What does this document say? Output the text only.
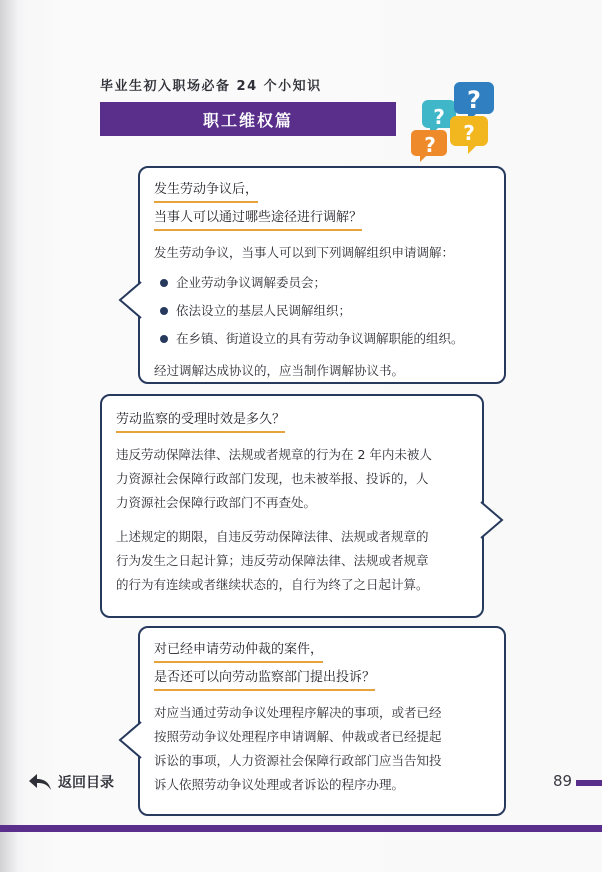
毕业生初入职场必备 24 个小知识
职工维权篇	?
?
? ?
发生劳动争议后，
当事人可以通过哪些途径进行调解？

发生劳动争议，当事人可以到下列调解组织申请调解：

企业劳动争议调解委员会；
依法设立的基层人民调解组织；
在乡镇、街道设立的具有劳动争议调解职能的组织。

经过调解达成协议的，应当制作调解协议书。

劳动监察的受理时效是多久？

违反劳动保障法律、法规或者规章的行为在 2 年内未被人

力资源社会保障行政部门发现，也未被举报、投诉的，人

力资源社会保障行政部门不再查处。

上述规定的期限，自违反劳动保障法律、法规或者规章的

行为发生之日起计算；违反劳动保障法律、法规或者规章

的行为有连续或者继续状态的，自行为终了之日起计算。

对已经申请劳动仲裁的案件，
是否还可以向劳动监察部门提出投诉？

对应当通过劳动争议处理程序解决的事项，或者已经

按照劳动争议处理程序申请调解、仲裁或者已经提起

诉讼的事项，人力资源社会保障行政部门应当告知投

诉人依照劳动争议处理或者诉讼的程序办理。

返回目录	89
